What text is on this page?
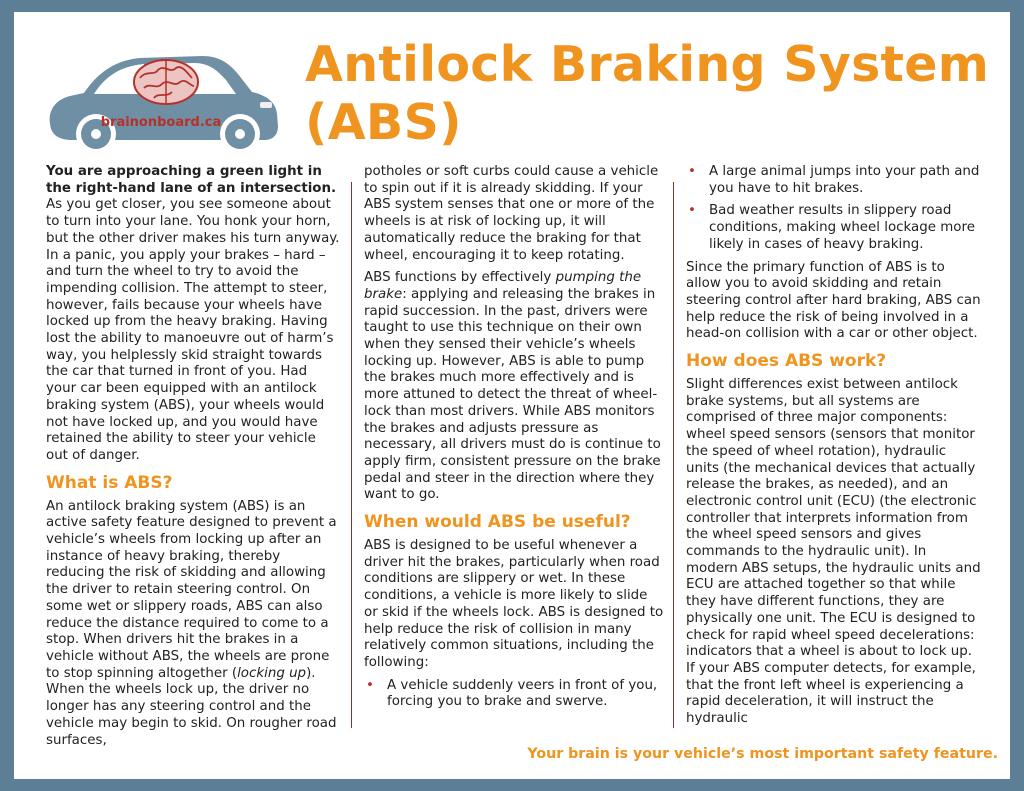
brainonboard.ca
Antilock Braking System (ABS)

You are approaching a green light in the right-hand lane of an intersection. As you get closer, you see someone about to turn into your lane. You honk your horn, but the other driver makes his turn anyway. In a panic, you apply your brakes – hard – and turn the wheel to try to avoid the impending collision. The attempt to steer, however, fails because your wheels have locked up from the heavy braking. Having lost the ability to manoeuvre out of harm’s way, you helplessly skid straight towards the car that turned in front of you. Had your car been equipped with an antilock braking system (ABS), your wheels would not have locked up, and you would have retained the ability to steer your vehicle out of danger.

What is ABS?

An antilock braking system (ABS) is an active safety feature designed to prevent a vehicle’s wheels from locking up after an instance of heavy braking, thereby reducing the risk of skidding and allowing the driver to retain steering control. On some wet or slippery roads, ABS can also reduce the distance required to come to a stop. When drivers hit the brakes in a vehicle without ABS, the wheels are prone to stop spinning altogether (locking up). When the wheels lock up, the driver no longer has any steering control and the vehicle may begin to skid. On rougher road surfaces,

potholes or soft curbs could cause a vehicle to spin out if it is already skidding. If your ABS system senses that one or more of the wheels is at risk of locking up, it will automatically reduce the braking for that wheel, encouraging it to keep rotating.

ABS functions by effectively pumping the brake: applying and releasing the brakes in rapid succession. In the past, drivers were taught to use this technique on their own when they sensed their vehicle’s wheels locking up. However, ABS is able to pump the brakes much more effectively and is more attuned to detect the threat of wheel-lock than most drivers. While ABS monitors the brakes and adjusts pressure as necessary, all drivers must do is continue to apply firm, consistent pressure on the brake pedal and steer in the direction where they want to go.

When would ABS be useful?

ABS is designed to be useful whenever a driver hit the brakes, particularly when road conditions are slippery or wet. In these conditions, a vehicle is more likely to slide or skid if the wheels lock. ABS is designed to help reduce the risk of collision in many relatively common situations, including the following:

• A vehicle suddenly veers in front of you, forcing you to brake and swerve.
• A large animal jumps into your path and you have to hit brakes.
• Bad weather results in slippery road conditions, making wheel lockage more likely in cases of heavy braking.

Since the primary function of ABS is to allow you to avoid skidding and retain steering control after hard braking, ABS can help reduce the risk of being involved in a head-on collision with a car or other object.

How does ABS work?

Slight differences exist between antilock brake systems, but all systems are comprised of three major components: wheel speed sensors (sensors that monitor the speed of wheel rotation), hydraulic units (the mechanical devices that actually release the brakes, as needed), and an electronic control unit (ECU) (the electronic controller that interprets information from the wheel speed sensors and gives commands to the hydraulic unit). In modern ABS setups, the hydraulic units and ECU are attached together so that while they have different functions, they are physically one unit. The ECU is designed to check for rapid wheel speed decelerations: indicators that a wheel is about to lock up. If your ABS computer detects, for example, that the front left wheel is experiencing a rapid deceleration, it will instruct the hydraulic

Your brain is your vehicle’s most important safety feature.
